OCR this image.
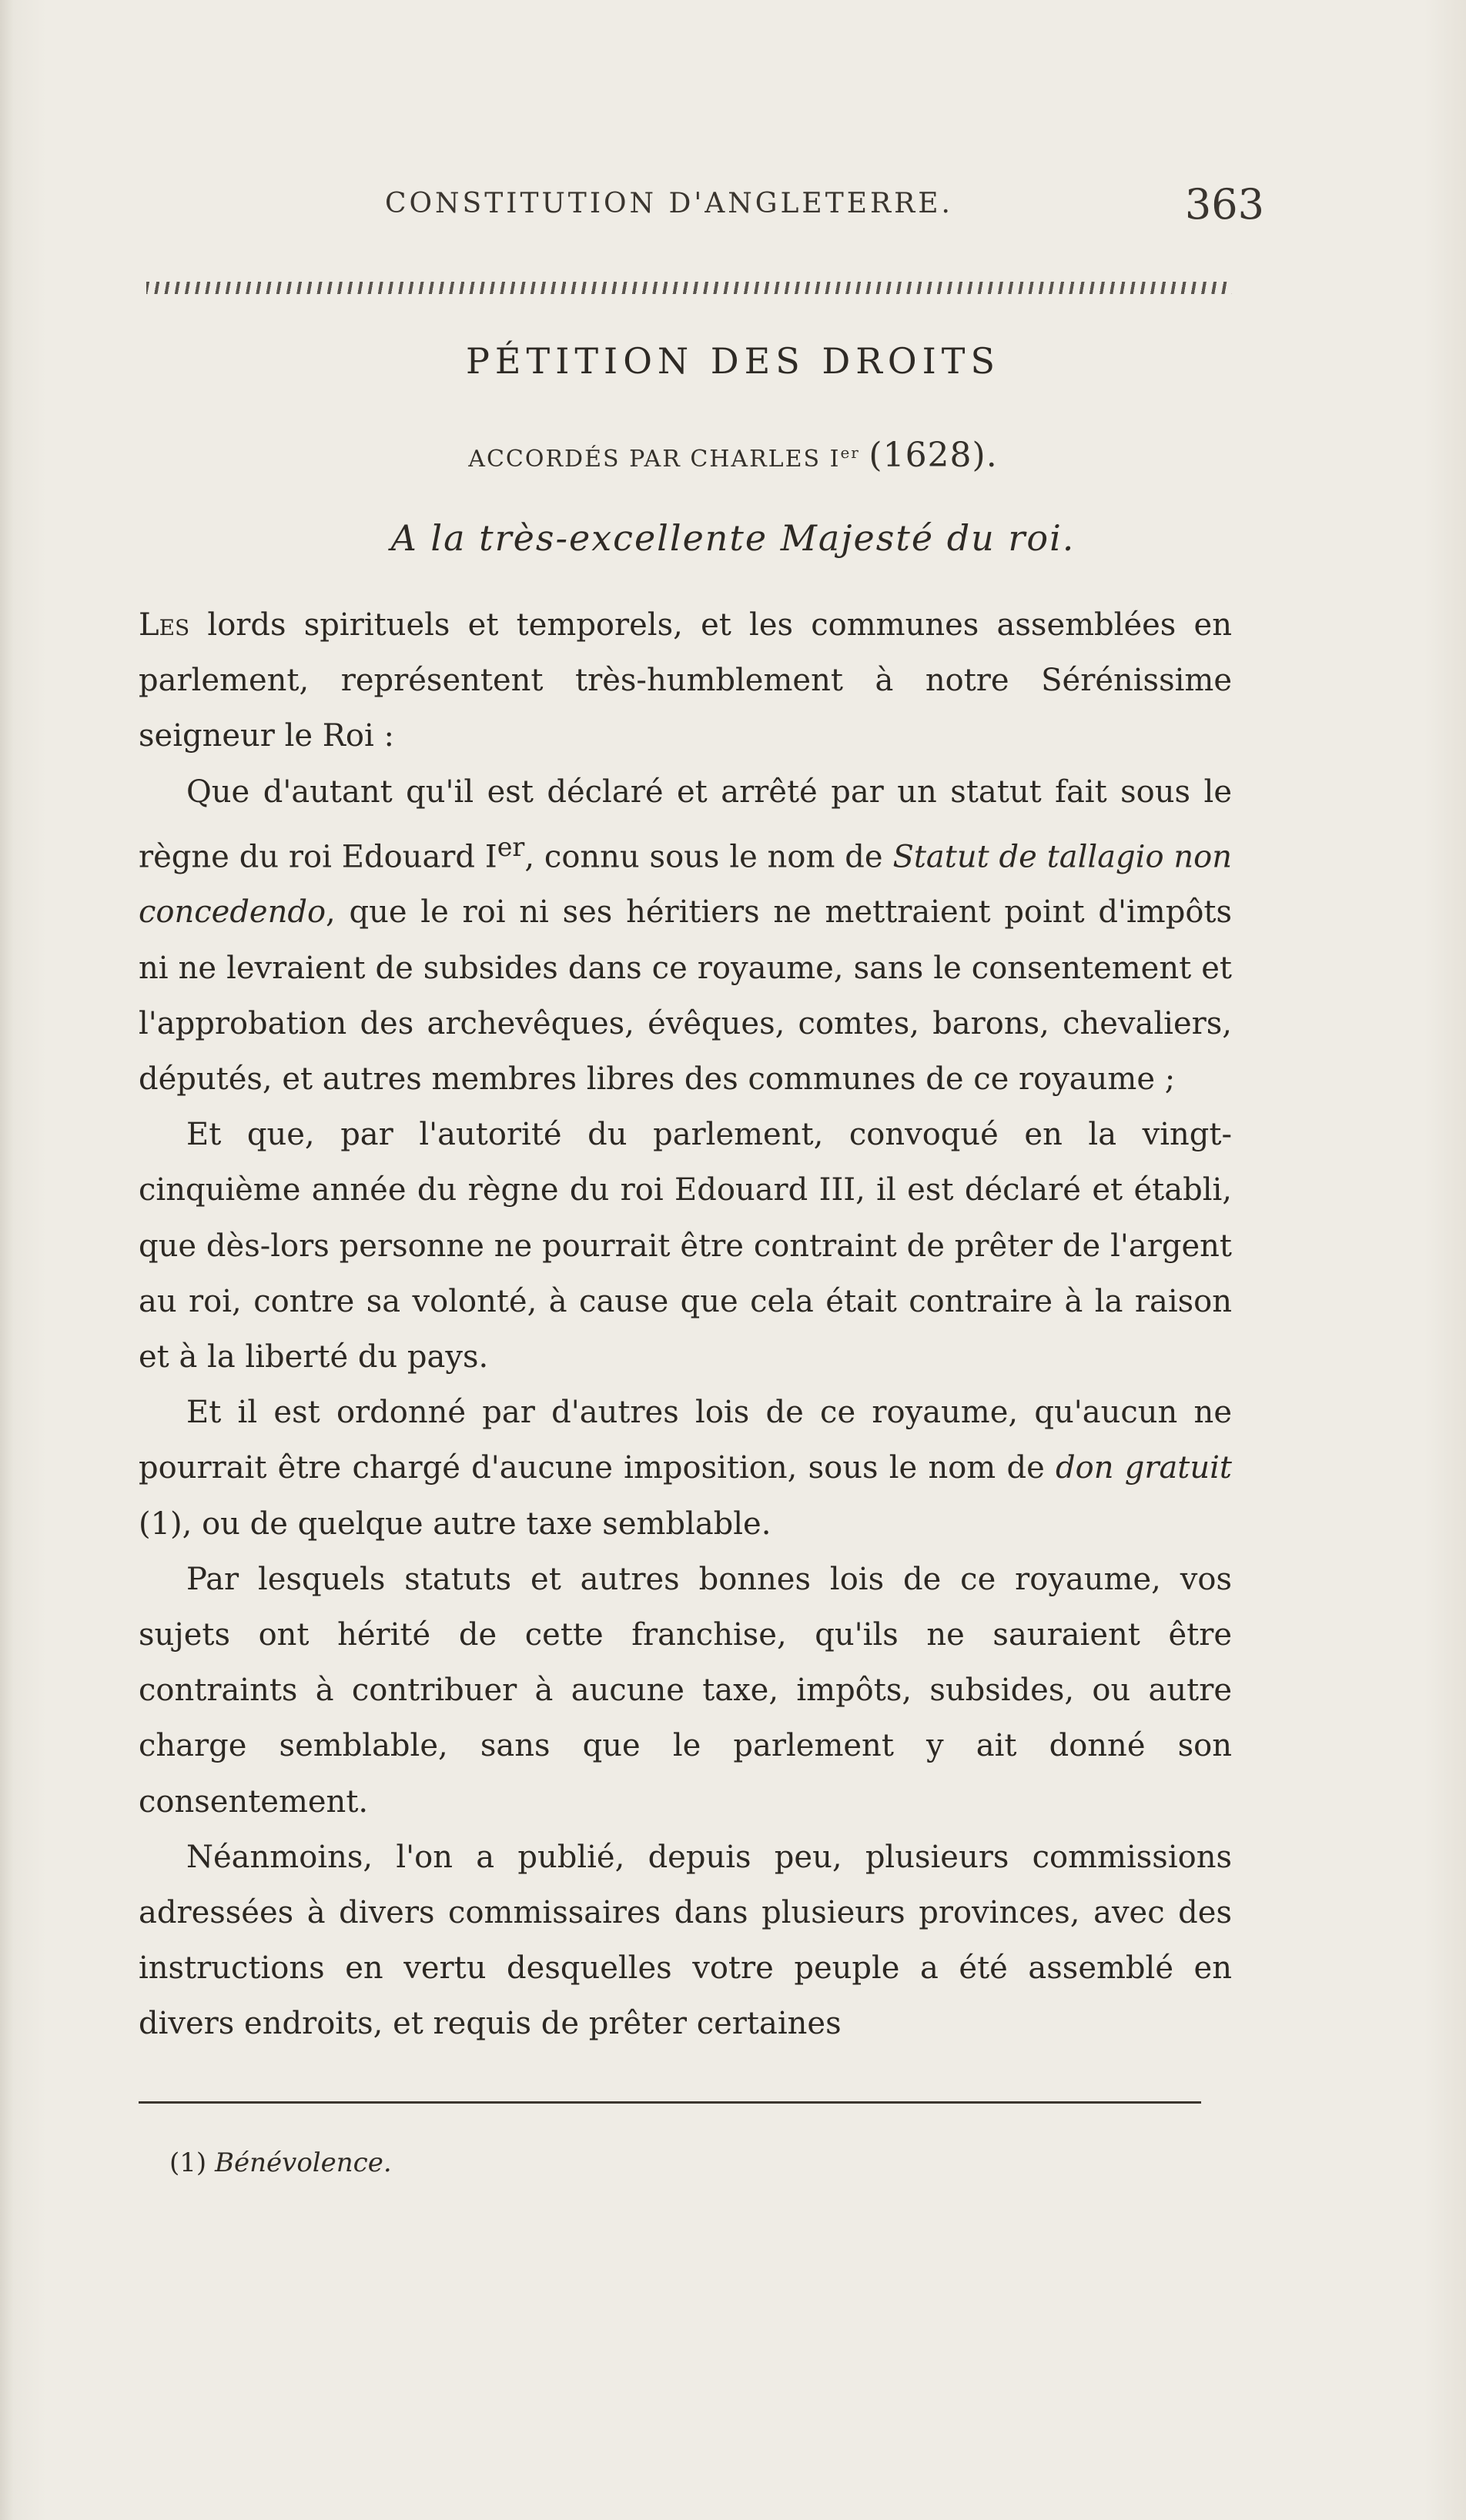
CONSTITUTION D'ANGLETERRE.	363
PÉTITION DES DROITS
ACCORDÉS PAR CHARLES Ier (1628).
A la très-excellente Majesté du roi.

Les lords spirituels et temporels, et les communes assemblées en parlement, représentent très-humblement à notre Sérénissime seigneur le Roi :

Que d'autant qu'il est déclaré et arrêté par un statut fait sous le règne du roi Edouard Ier, connu sous le nom de Statut de tallagio non concedendo, que le roi ni ses héritiers ne mettraient point d'impôts ni ne levraient de subsides dans ce royaume, sans le consentement et l'approbation des archevêques, évêques, comtes, barons, chevaliers, députés, et autres membres libres des communes de ce royaume ;

Et que, par l'autorité du parlement, convoqué en la vingt-cinquième année du règne du roi Edouard III, il est déclaré et établi, que dès-lors personne ne pourrait être contraint de prêter de l'argent au roi, contre sa volonté, à cause que cela était contraire à la raison et à la liberté du pays.

Et il est ordonné par d'autres lois de ce royaume, qu'aucun ne pourrait être chargé d'aucune imposition, sous le nom de don gratuit (1), ou de quelque autre taxe semblable.

Par lesquels statuts et autres bonnes lois de ce royaume, vos sujets ont hérité de cette franchise, qu'ils ne sauraient être contraints à contribuer à aucune taxe, impôts, subsides, ou autre charge semblable, sans que le parlement y ait donné son consentement.

Néanmoins, l'on a publié, depuis peu, plusieurs commissions adressées à divers commissaires dans plusieurs provinces, avec des instructions en vertu desquelles votre peuple a été assemblé en divers endroits, et requis de prêter certaines

(1) Bénévolence.
